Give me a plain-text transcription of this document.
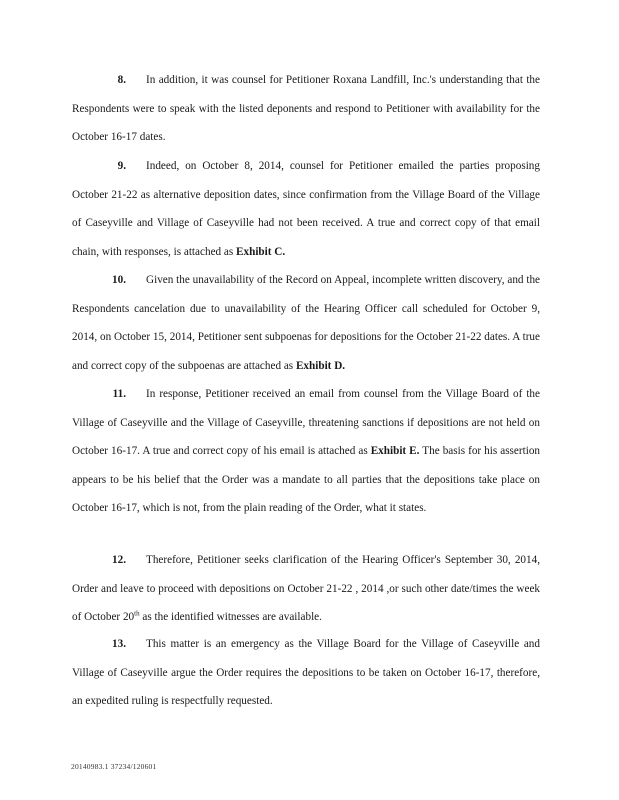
8. In addition, it was counsel for Petitioner Roxana Landfill, Inc.'s understanding that the Respondents were to speak with the listed deponents and respond to Petitioner with availability for the October 16-17 dates.

9. Indeed, on October 8, 2014, counsel for Petitioner emailed the parties proposing October 21-22 as alternative deposition dates, since confirmation from the Village Board of the Village of Caseyville and Village of Caseyville had not been received. A true and correct copy of that email chain, with responses, is attached as Exhibit C.

10. Given the unavailability of the Record on Appeal, incomplete written discovery, and the Respondents cancelation due to unavailability of the Hearing Officer call scheduled for October 9, 2014, on October 15, 2014, Petitioner sent subpoenas for depositions for the October 21-22 dates. A true and correct copy of the subpoenas are attached as Exhibit D.

11. In response, Petitioner received an email from counsel from the Village Board of the Village of Caseyville and the Village of Caseyville, threatening sanctions if depositions are not held on October 16-17. A true and correct copy of his email is attached as Exhibit E. The basis for his assertion appears to be his belief that the Order was a mandate to all parties that the depositions take place on October 16-17, which is not, from the plain reading of the Order, what it states.

12. Therefore, Petitioner seeks clarification of the Hearing Officer's September 30, 2014, Order and leave to proceed with depositions on October 21-22 , 2014 ,or such other date/times the week of October 20th as the identified witnesses are available.

13. This matter is an emergency as the Village Board for the Village of Caseyville and Village of Caseyville argue the Order requires the depositions to be taken on October 16-17, therefore, an expedited ruling is respectfully requested.

20140983.1 37234/120601
